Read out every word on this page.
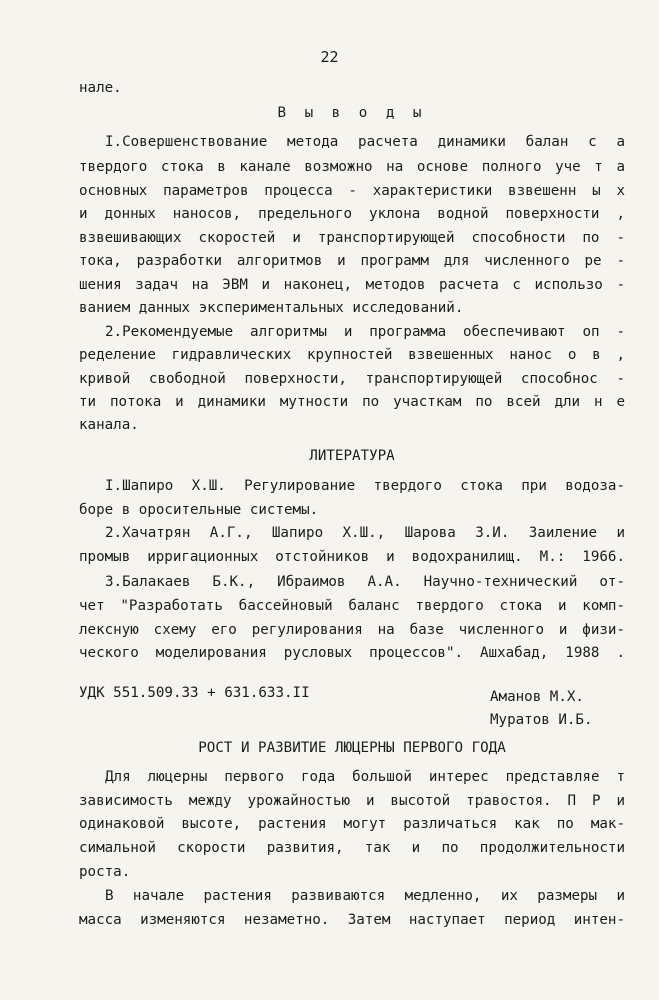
22
нале.
В ы в о д ы
I.Совершенствование метода расчета динамики балан с а
твердого стока в канале возможно на основе полного уче т а
основных параметров процесса - характеристики взвешенн ы х
и донных наносов, предельного уклона водной поверхности ,
взвешивающих скоростей и транспортирующей способности по -
тока, разработки алгоритмов и программ для численного ре -
шения задач на ЭВМ и наконец, методов расчета с использо -
ванием данных экспериментальных исследований.
2.Рекомендуемые алгоритмы и программа обеспечивают оп -
ределение гидравлических крупностей взвешенных нанос о в ,
кривой свободной поверхности, транспортирующей способнос -
ти потока и динамики мутности по участкам по всей дли н е
канала.
ЛИТЕРАТУРА
I.Шапиро Х.Ш. Регулирование твердого стока при водоза-
боре в оросительные системы.
2.Хачатрян А.Г., Шапиро Х.Ш., Шарова З.И. Заиление и
промыв ирригационных отстойников и водохранилищ. М.: 1966.
3.Балакаев Б.К., Ибраимов А.А. Научно-технический от-
чет "Разработать бассейновый баланс твердого стока и комп-
лексную схему его регулирования на базе численного и физи-
ческого моделирования русловых процессов". Ашхабад, 1988 .
УДК 551.509.33 + 631.633.II	Аманов М.Х.
Муратов И.Б.
РОСТ И РАЗВИТИЕ ЛЮЦЕРНЫ ПЕРВОГО ГОДА
Для люцерны первого года большой интерес представляе т
зависимость между урожайностью и высотой травостоя. П Р и
одинаковой высоте, растения могут различаться как по мак-
симальной скорости развития, так и по продолжительности
роста.
В начале растения развиваются медленно, их размеры и
масса изменяются незаметно. Затем наступает период интен-
